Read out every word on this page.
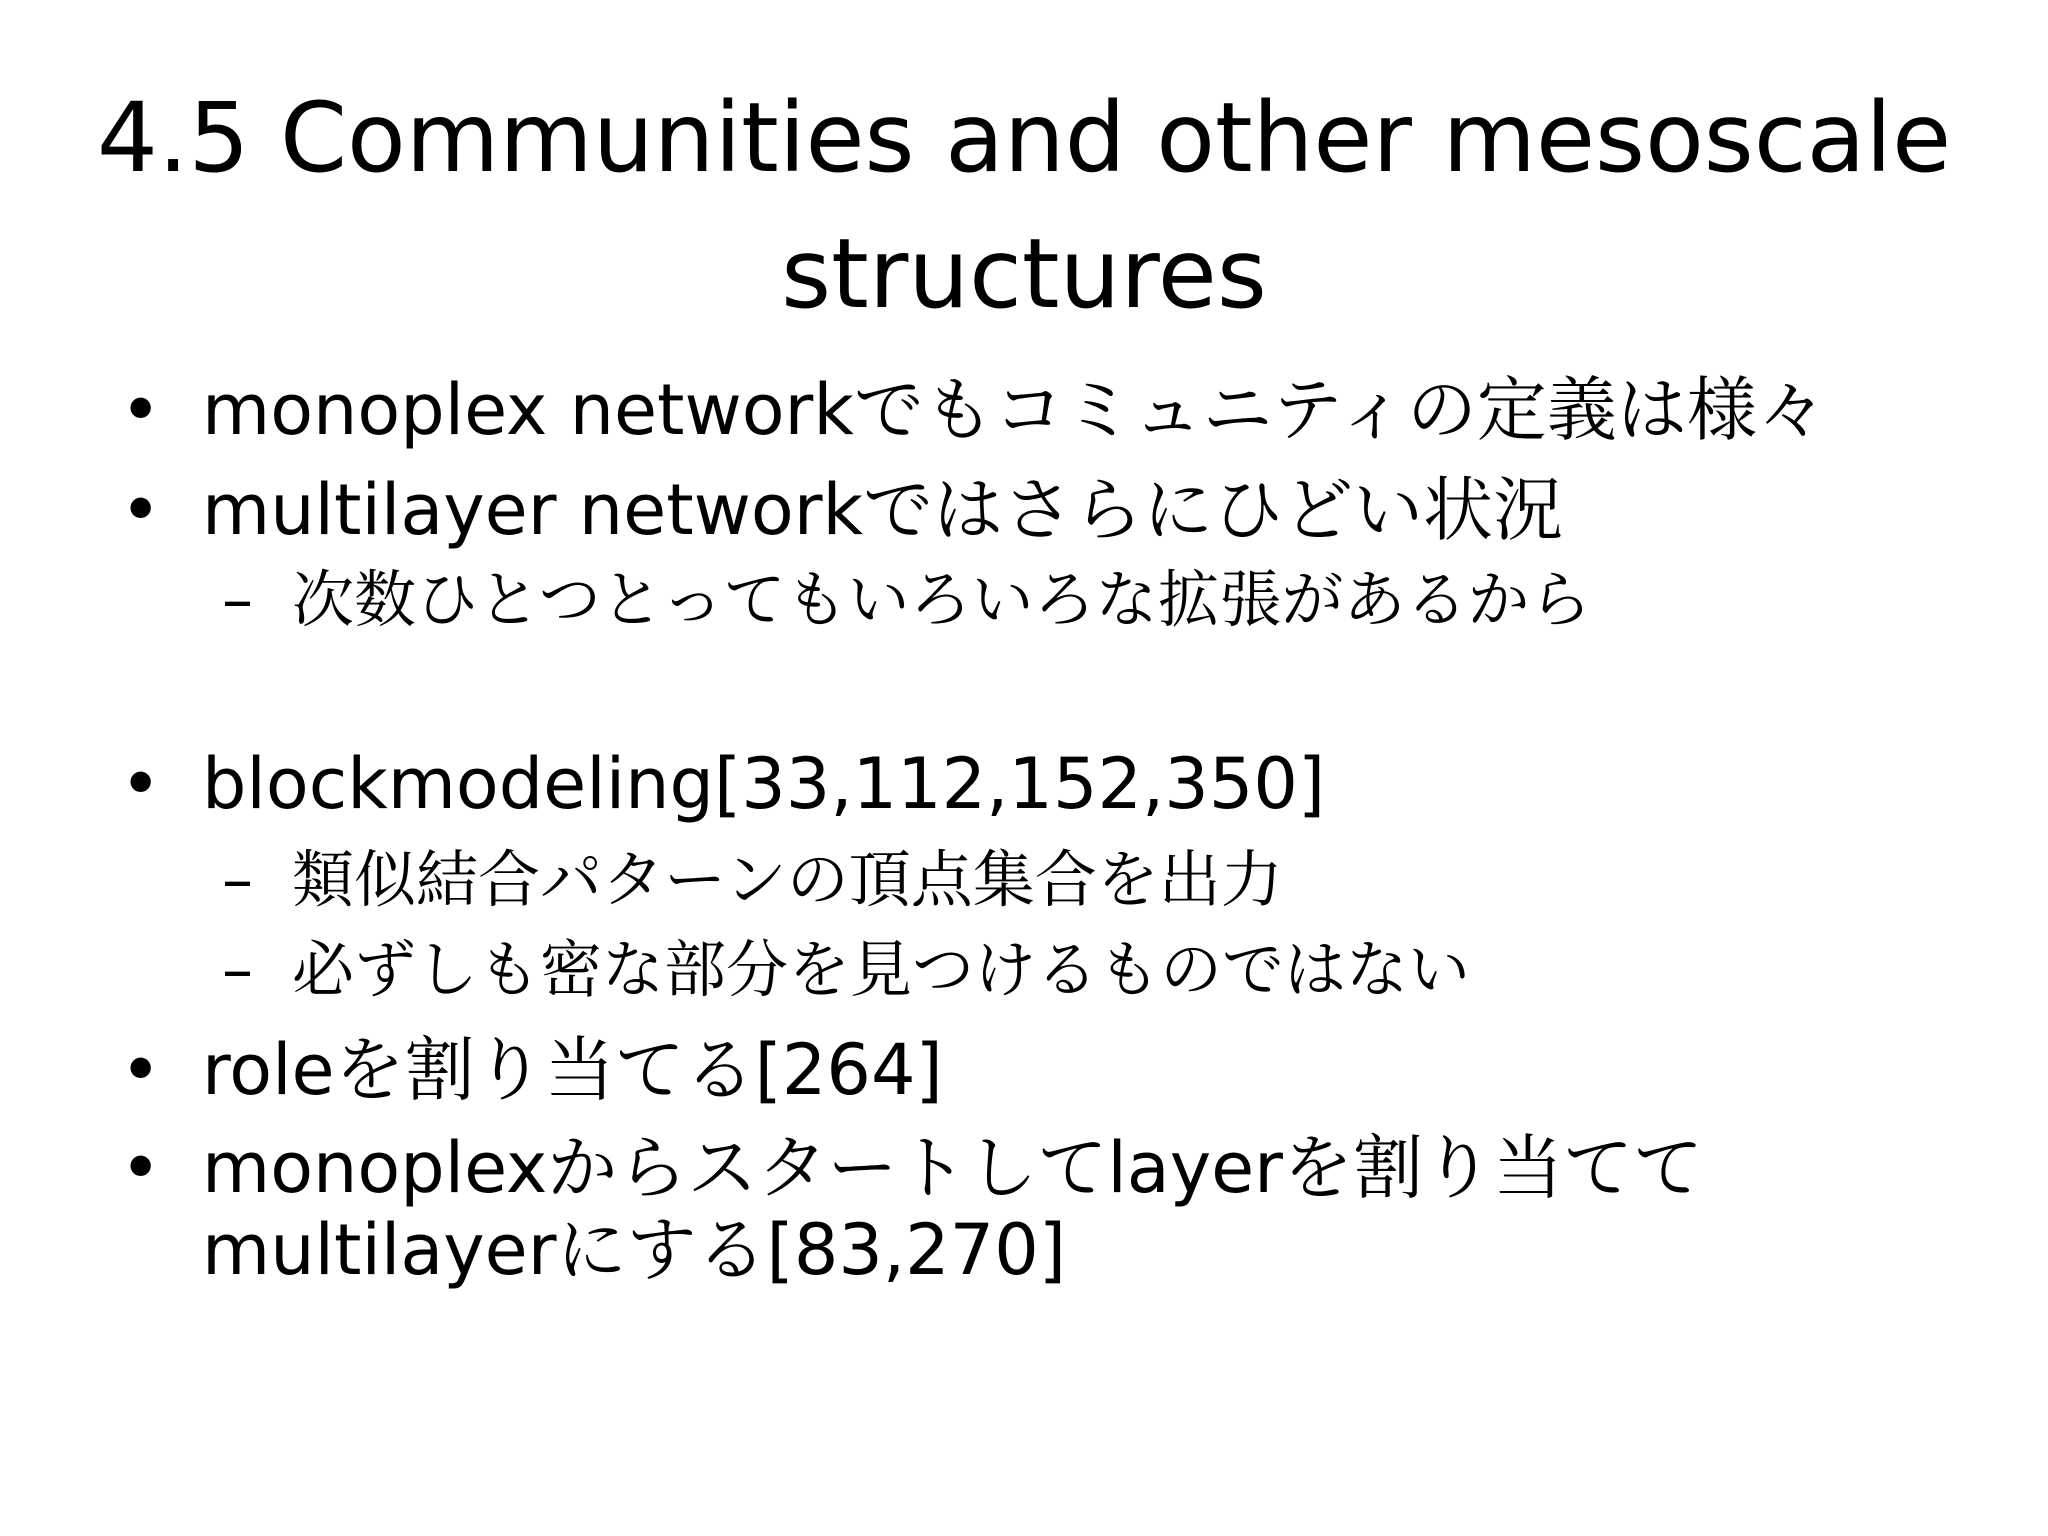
4.5 Communities and other mesoscale structures
• monoplex networkでもコミュニティの定義は様々
• multilayer networkではさらにひどい状況
– 次数ひとつとってもいろいろな拡張があるから
• blockmodeling[33,112,152,350]
– 類似結合パターンの頂点集合を出力
– 必ずしも密な部分を見つけるものではない
• roleを割り当てる[264]
• monoplexからスタートしてlayerを割り当てて
multilayerにする[83,270]
